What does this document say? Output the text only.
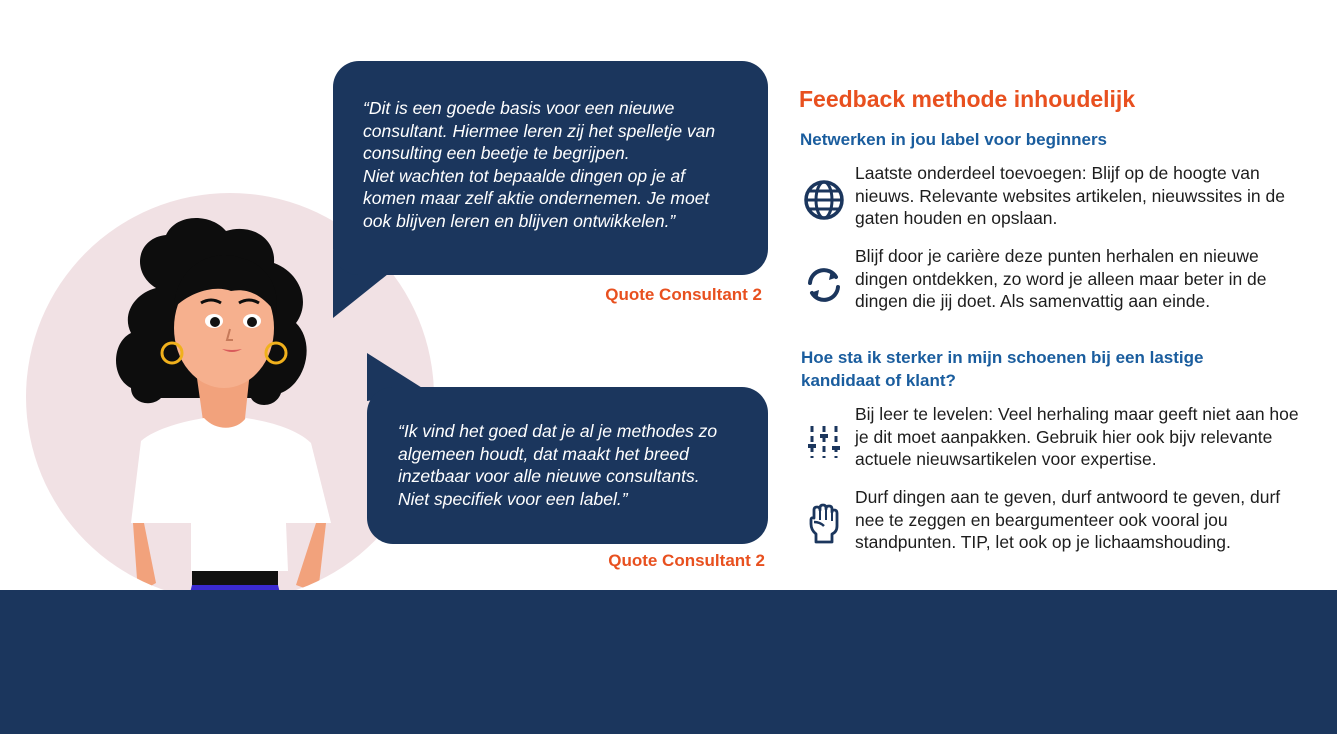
“Dit is een goede basis voor een nieuwe
consultant. Hiermee leren zij het spelletje van
consulting een beetje te begrijpen.
Niet wachten tot bepaalde dingen op je af
komen maar zelf aktie ondernemen. Je moet
ook blijven leren en blijven ontwikkelen.”

Quote Consultant 2

“Ik vind het goed dat je al je methodes zo
algemeen houdt, dat maakt het breed
inzetbaar voor alle nieuwe consultants.
Niet specifiek voor een label.”

Quote Consultant 2
Feedback methode inhoudelijk
Netwerken in jou label voor beginners
Laatste onderdeel toevoegen: Blijf op de hoogte van nieuws. Relevante websites artikelen, nieuwssites in de gaten houden en opslaan.
Blijf door je carière deze punten herhalen en nieuwe dingen ontdekken, zo word je alleen maar beter in de dingen die jij doet. Als samenvattig aan einde.
Hoe sta ik sterker in mijn schoenen bij een lastige kandidaat of klant?
Bij leer te levelen: Veel herhaling maar geeft niet aan hoe je dit moet aanpakken. Gebruik hier ook bijv relevante actuele nieuwsartikelen voor expertise.
Durf dingen aan te geven, durf antwoord te geven, durf nee te zeggen en beargumenteer ook vooral jou standpunten. TIP, let ook op je lichaamshouding.
